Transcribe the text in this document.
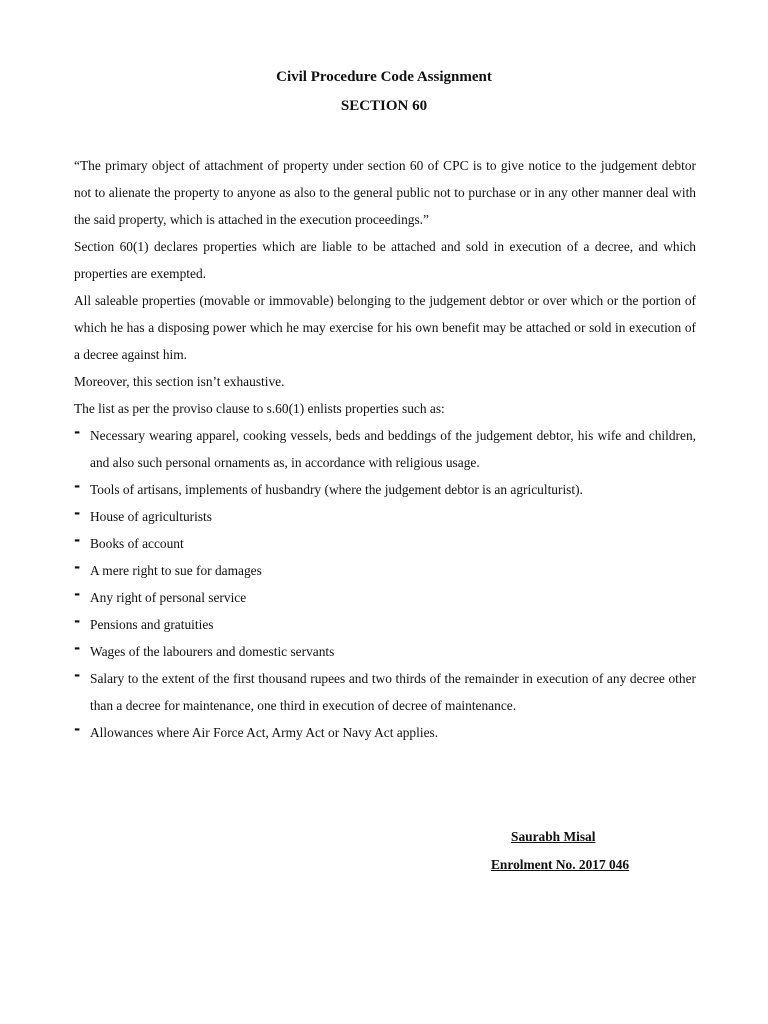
Civil Procedure Code Assignment
SECTION 60

“The primary object of attachment of property under section 60 of CPC is to give notice to the judgement debtor not to alienate the property to anyone as also to the general public not to purchase or in any other manner deal with the said property, which is attached in the execution proceedings.”

Section 60(1) declares properties which are liable to be attached and sold in execution of a decree, and which properties are exempted.

All saleable properties (movable or immovable) belonging to the judgement debtor or over which or the portion of which he has a disposing power which he may exercise for his own benefit may be attached or sold in execution of a decree against him.

Moreover, this section isn’t exhaustive.

The list as per the proviso clause to s.60(1) enlists properties such as:

- Necessary wearing apparel, cooking vessels, beds and beddings of the judgement debtor, his wife and children, and also such personal ornaments as, in accordance with religious usage.
- Tools of artisans, implements of husbandry (where the judgement debtor is an agriculturist).
- House of agriculturists
- Books of account
- A mere right to sue for damages
- Any right of personal service
- Pensions and gratuities
- Wages of the labourers and domestic servants
- Salary to the extent of the first thousand rupees and two thirds of the remainder in execution of any decree other than a decree for maintenance, one third in execution of decree of maintenance.
- Allowances where Air Force Act, Army Act or Navy Act applies.

Saurabh Misal

Enrolment No. 2017 046
